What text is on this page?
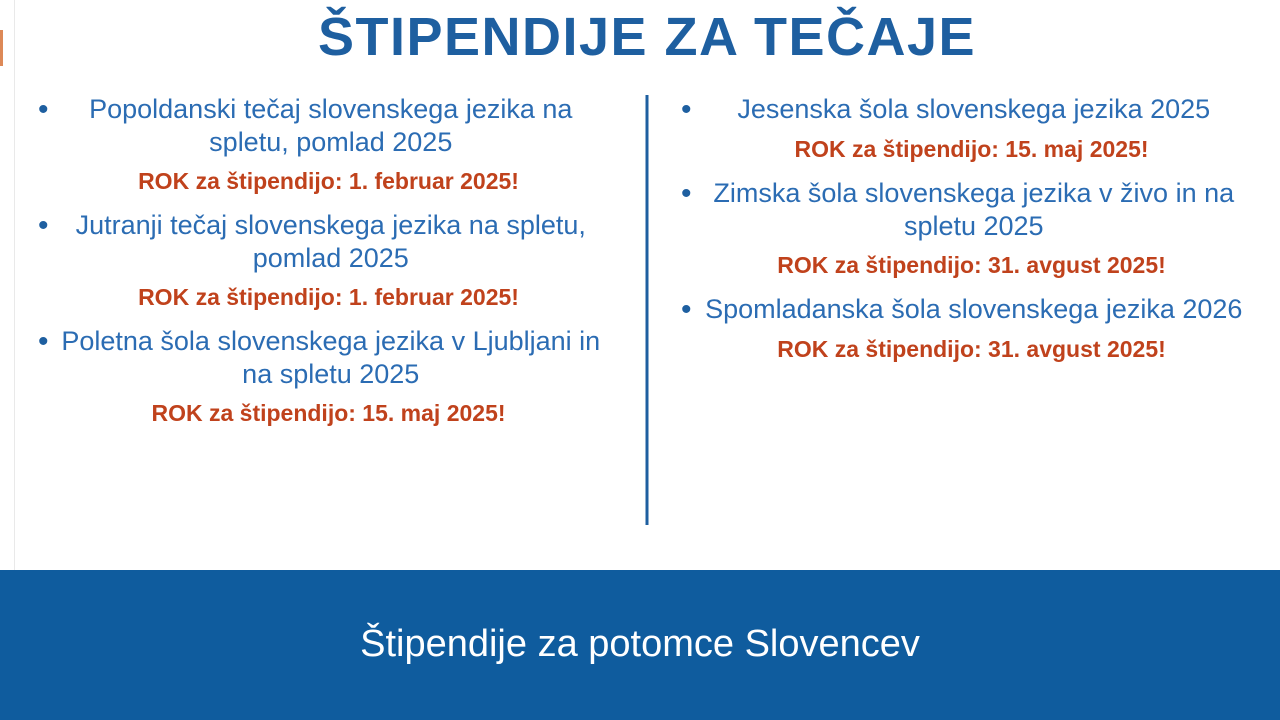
ŠTIPENDIJE ZA TEČAJE
•	Popoldanski tečaj slovenskega jezika na spletu, pomlad 2025
ROK za štipendijo: 1. februar 2025!
•	Jutranji tečaj slovenskega jezika na spletu, pomlad 2025
ROK za štipendijo: 1. februar 2025!
• Poletna šola slovenskega jezika v Ljubljani in na spletu 2025
ROK za štipendijo: 15. maj 2025!
•	Jesenska šola slovenskega jezika 2025
ROK za štipendijo: 15. maj 2025!
• Zimska šola slovenskega jezika v živo in na spletu 2025
ROK za štipendijo: 31. avgust 2025!
• Spomladanska šola slovenskega jezika 2026
ROK za štipendijo: 31. avgust 2025!
Štipendije za potomce Slovencev
